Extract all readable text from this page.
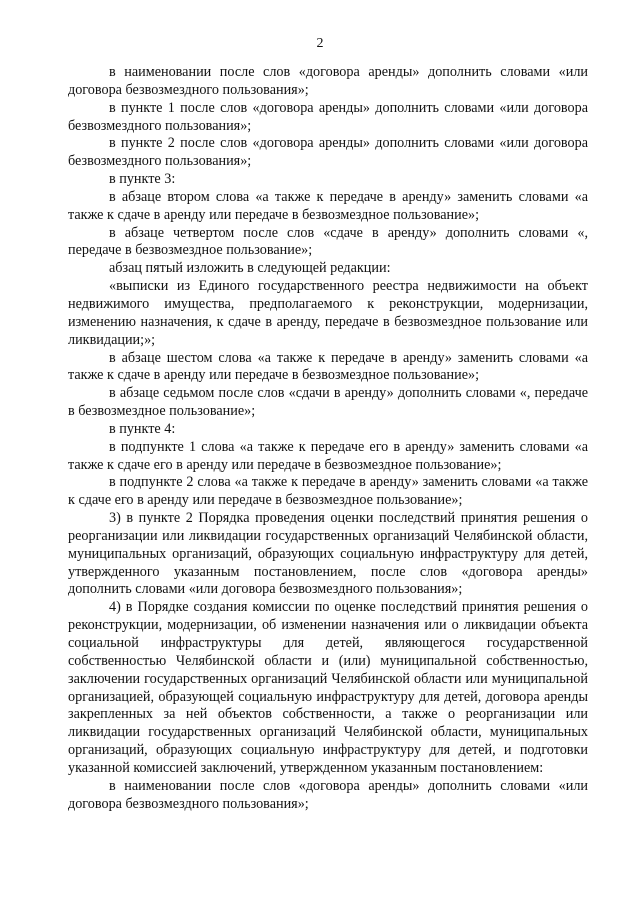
2

в наименовании после слов «договора аренды» дополнить словами «или договора безвозмездного пользования»;

в пункте 1 после слов «договора аренды» дополнить словами «или договора безвозмездного пользования»;

в пункте 2 после слов «договора аренды» дополнить словами «или договора безвозмездного пользования»;

в пункте 3:

в абзаце втором слова «а также к передаче в аренду» заменить словами «а также к сдаче в аренду или передаче в безвозмездное пользование»;

в абзаце четвертом после слов «сдаче в аренду» дополнить словами «, передаче в безвозмездное пользование»;

абзац пятый изложить в следующей редакции:

«выписки из Единого государственного реестра недвижимости на объект недвижимого имущества, предполагаемого к реконструкции, модернизации, изменению назначения, к сдаче в аренду, передаче в безвозмездное пользование или ликвидации;»;

в абзаце шестом слова «а также к передаче в аренду» заменить словами «а также к сдаче в аренду или передаче в безвозмездное пользование»;

в абзаце седьмом после слов «сдачи в аренду» дополнить словами «, передаче в безвозмездное пользование»;

в пункте 4:

в подпункте 1 слова «а также к передаче его в аренду» заменить словами «а также к сдаче его в аренду или передаче в безвозмездное пользование»;

в подпункте 2 слова «а также к передаче в аренду» заменить словами «а также к сдаче его в аренду или передаче в безвозмездное пользование»;

3) в пункте 2 Порядка проведения оценки последствий принятия решения о реорганизации или ликвидации государственных организаций Челябинской области, муниципальных организаций, образующих социальную инфраструктуру для детей, утвержденного указанным постановлением, после слов «договора аренды» дополнить словами «или договора безвозмездного пользования»;

4) в Порядке создания комиссии по оценке последствий принятия решения о реконструкции, модернизации, об изменении назначения или о ликвидации объекта социальной инфраструктуры для детей, являющегося государственной собственностью Челябинской области и (или) муниципальной собственностью, заключении государственных организаций Челябинской области или муниципальной организацией, образующей социальную инфраструктуру для детей, договора аренды закрепленных за ней объектов собственности, а также о реорганизации или ликвидации государственных организаций Челябинской области, муниципальных организаций, образующих социальную инфраструктуру для детей, и подготовки указанной комиссией заключений, утвержденном указанным постановлением:

в наименовании после слов «договора аренды» дополнить словами «или договора безвозмездного пользования»;
